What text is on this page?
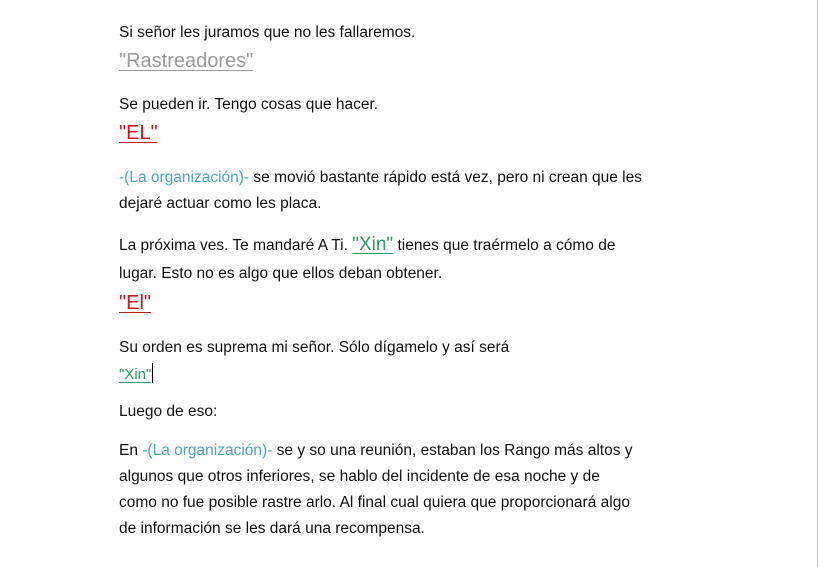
Si señor les juramos que no les fallaremos.
"Rastreadores"
Se pueden ir. Tengo cosas que hacer.
"EL"
-(La organización)- se movió bastante rápido está vez, pero ni crean que les
dejaré actuar como les placa.
La próxima ves. Te mandaré A Ti. "Xin" tienes que traérmelo a cómo de
lugar. Esto no es algo que ellos deban obtener.
"El"
Su orden es suprema mi señor. Sólo dígamelo y así será
"Xin"
Luego de eso:
En -(La organización)- se y so una reunión, estaban los Rango más altos y
algunos que otros inferiores, se hablo del incidente de esa noche y de
como no fue posible rastre arlo. Al final cual quiera que proporcionará algo
de información se les dará una recompensa.
